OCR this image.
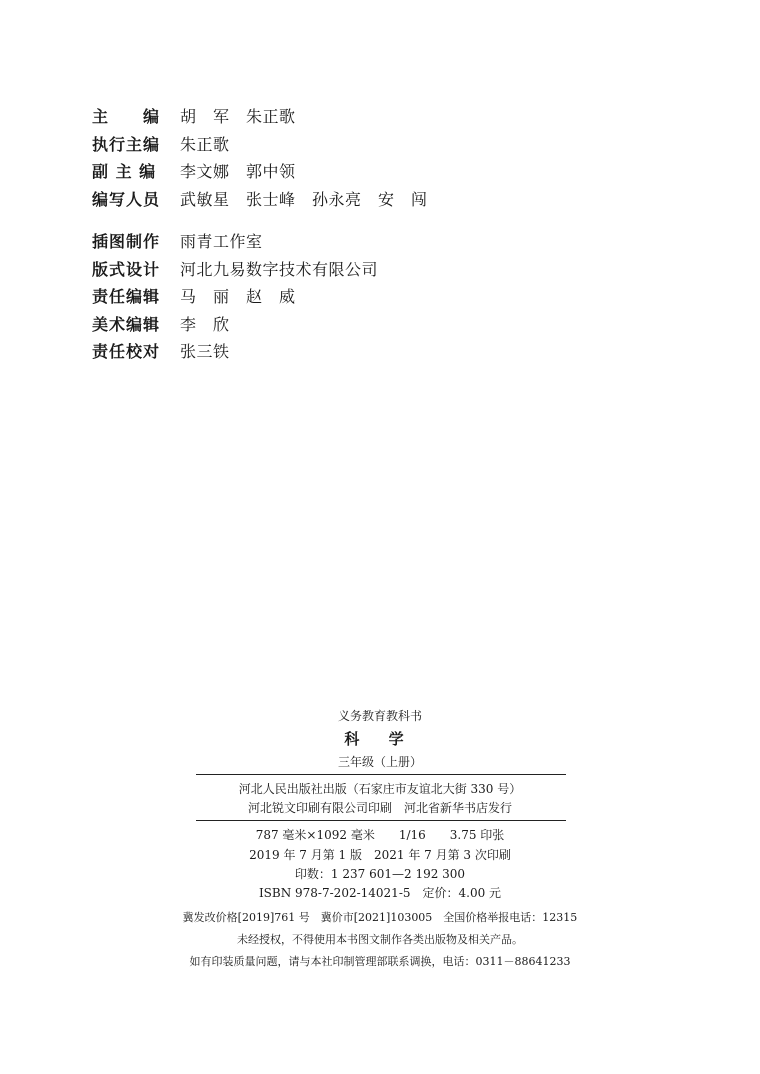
主　　编	胡　军　朱正歌
执行主编	朱正歌
副 主 编	李文娜　郭中领
编写人员	武敏星　张士峰　孙永亮　安　闯
插图制作	雨青工作室
版式设计	河北九易数字技术有限公司
责任编辑	马　丽　赵　威
美术编辑	李　欣
责任校对	张三铁
义务教育教科书
科 学
三年级（上册）
河北人民出版社出版（石家庄市友谊北大街 330 号）
河北锐文印刷有限公司印刷　河北省新华书店发行
787 毫米×1092 毫米　　1/16　　3.75 印张
2019 年 7 月第 1 版　2021 年 7 月第 3 次印刷
印数：1 237 601—2 192 300
ISBN 978-7-202-14021-5　定价：4.00 元
冀发改价格[2019]761 号　冀价市[2021]103005　全国价格举报电话：12315
未经授权，不得使用本书图文制作各类出版物及相关产品。
如有印装质量问题，请与本社印制管理部联系调换，电话：0311－88641233
